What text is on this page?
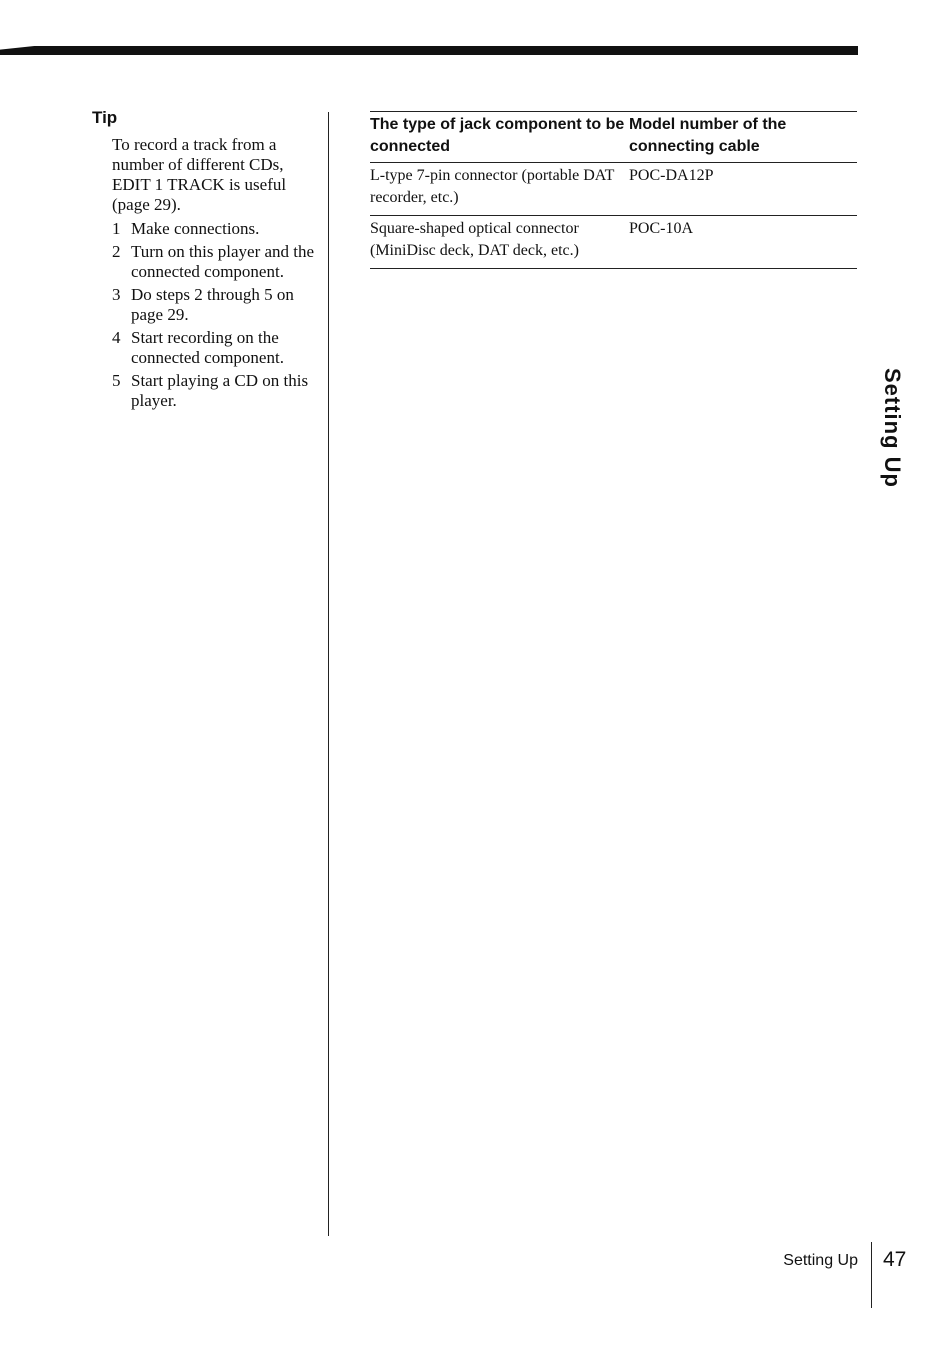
Tip

To record a track from a number of different CDs, EDIT 1 TRACK is useful (page 29).

1 Make connections.
2 Turn on this player and the connected component.
3 Do steps 2 through 5 on page 29.
4 Start recording on the connected component.
5 Start playing a CD on this player.
The type of jack component to be connected	Model number of the connecting cable
L-type 7-pin connector (portable DAT recorder, etc.)	POC-DA12P
Square-shaped optical connector (MiniDisc deck, DAT deck, etc.)	POC-10A
Setting Up
Setting Up 47
